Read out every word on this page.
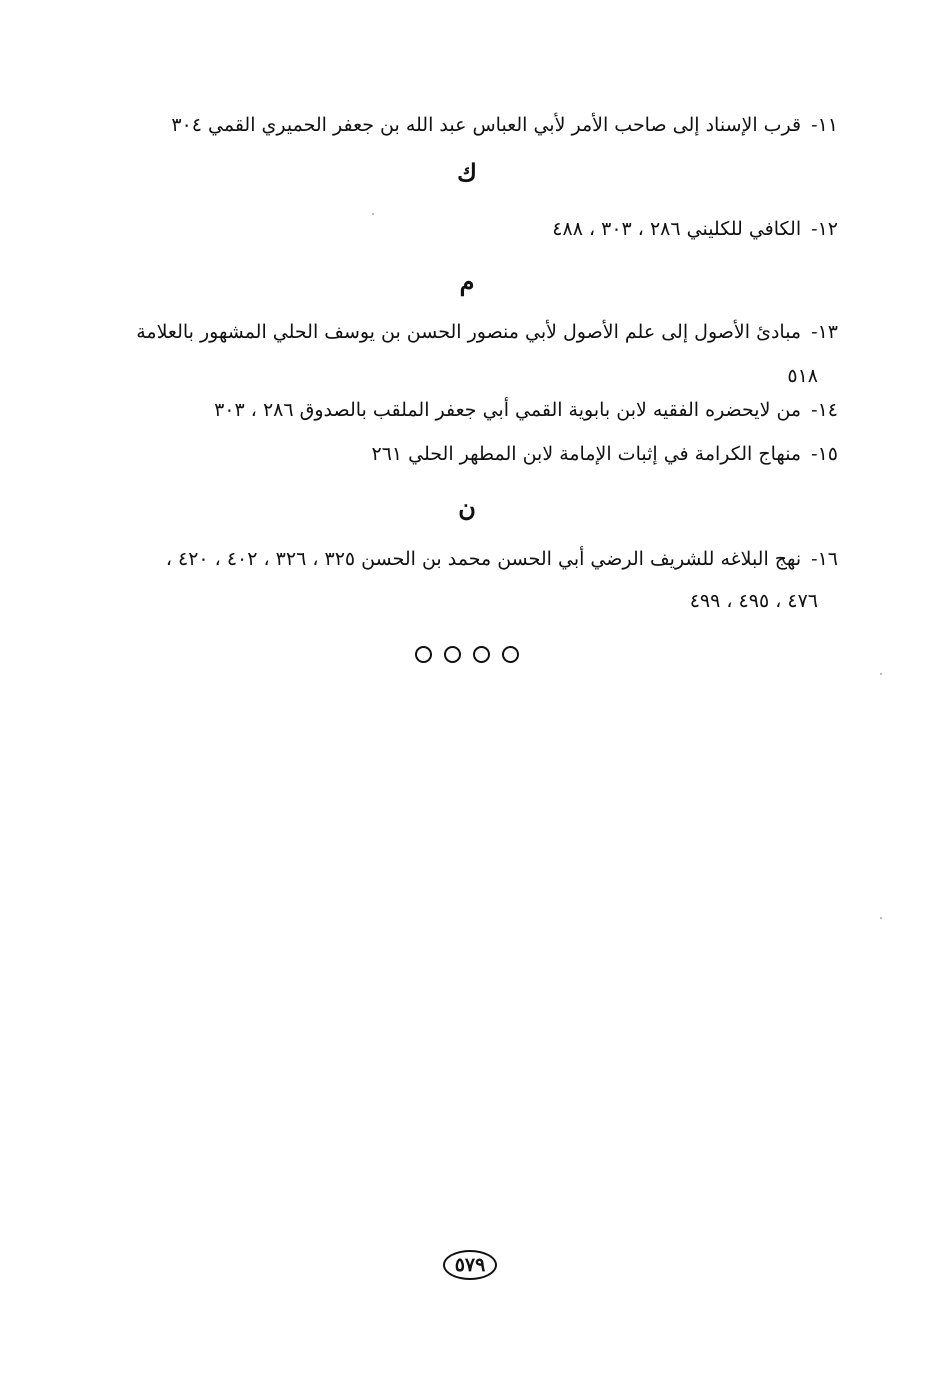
١١- قرب الإسناد إلى صاحب الأمر لأبي العباس عبد الله بن جعفر الحميري القمي ٣٠٤
ك
١٢- الكافي للكليني ٢٨٦ ، ٣٠٣ ، ٤٨٨
م
١٣- مبادئ الأصول إلى علم الأصول لأبي منصور الحسن بن يوسف الحلي المشهور بالعلامة
٥١٨
١٤- من لايحضره الفقيه لابن بابوية القمي أبي جعفر الملقب بالصدوق ٢٨٦ ، ٣٠٣
١٥- منهاج الكرامة في إثبات الإمامة لابن المطهر الحلي ٢٦١
ن
١٦- نهج البلاغه للشريف الرضي أبي الحسن محمد بن الحسن ٣٢٥ ، ٣٢٦ ، ٤٠٢ ، ٤٢٠ ،
٤٧٦ ، ٤٩٥ ، ٤٩٩
٥٧٩
